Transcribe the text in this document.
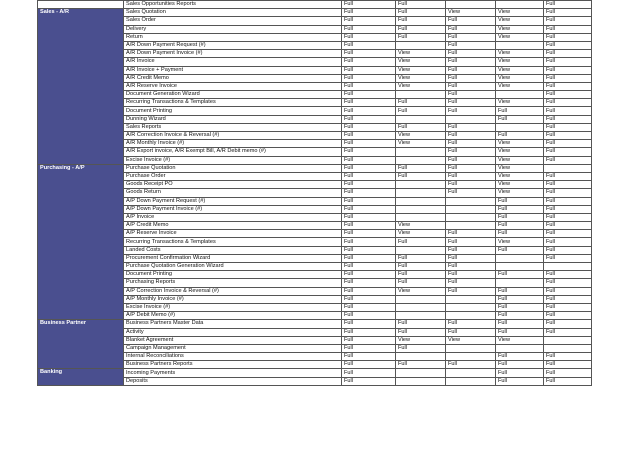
	Sales Opportunities Reports	Full	Full			Full
Sales - A/R	Sales Quotation	Full	Full	View	View	Full
	Sales Order	Full	Full	Full	View	Full
	Delivery	Full	Full	Full	View	Full
	Return	Full	Full	Full	View	Full
	A/R Down Payment Request (#)	Full		Full		Full
	A/R Down Payment Invoice (#)	Full	View	Full	View	Full
	A/R Invoice	Full	View	Full	View	Full
	A/R Invoice + Payment	Full	View	Full	View	Full
	A/R Credit Memo	Full	View	Full	View	Full
	A/R Reserve Invoice	Full	View	Full	View	Full
	Document Generation Wizard	Full		Full		Full
	Recurring Transactions & Templates	Full	Full	Full	View	Full
	Document Printing	Full	Full	Full	Full	Full
	Dunning Wizard	Full			Full	Full
	Sales Reports	Full	Full	Full		Full
	A/R Correction Invoice & Reversal (#)	Full	View	Full	Full	Full
	A/R Monthly Invoice (#)	Full	View	Full	View	Full
	A/R Export invoice, A/R Exempt Bill, A/R Debit memo (#)	Full		Full	View	Full
	Excise Invoice (#)	Full		Full	View	Full
Purchasing - A/P	Purchase Quotation	Full	Full	Full	View	
	Purchase Order	Full	Full	Full	View	Full
	Goods Receipt PO	Full		Full	View	Full
	Goods Return	Full		Full	View	Full
	A/P Down Payment Request (#)	Full			Full	Full
	A/P Down Payment Invoice (#)	Full			Full	Full
	A/P Invoice	Full			Full	Full
	A/P Credit Memo	Full	View		Full	Full
	A/P Reserve Invoice	Full	View	Full	Full	Full
	Recurring Transactions & Templates	Full	Full	Full	View	Full
	Landed Costs	Full		Full	Full	Full
	Procurement Confirmation Wizard	Full	Full	Full		Full
	Purchase Quotation Generation Wizard	Full	Full	Full		
	Document Printing	Full	Full	Full	Full	Full
	Purchasing Reports	Full	Full	Full		Full
	A/P Correction Invoice & Reversal (#)	Full	View	Full	Full	Full
	A/P Monthly Invoice (#)	Full			Full	Full
	Excise Invoice (#)	Full			Full	Full
	A/P Debit Memo (#)	Full			Full	Full
Business Partner	Business Partners Master Data	Full	Full	Full	Full	Full
	Activity	Full	Full	Full	Full	Full
	Blanket Agreement	Full	View	View	View	
	Campaign Management	Full	Full			
	Internal Reconciliations	Full			Full	Full
	Business Partners Reports	Full	Full	Full	Full	Full
Banking	Incoming Payments	Full			Full	Full
	Deposits	Full			Full	Full
